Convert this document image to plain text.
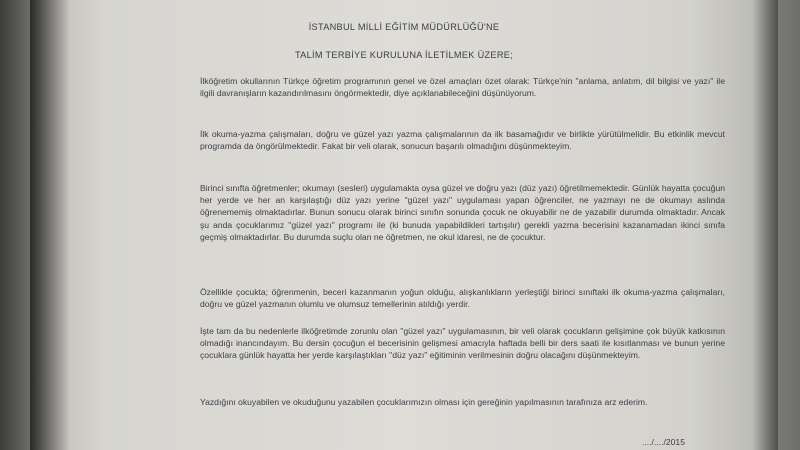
İSTANBUL MİLLİ EĞİTİM MÜDÜRLÜĞÜ'NE
TALİM TERBİYE KURULUNA İLETİLMEK ÜZERE;
İlköğretim okullarının Türkçe öğretim programının genel ve özel amaçları özet olarak: Türkçe'nin "anlama, anlatım, dil bilgisi ve yazı" ile ilgili davranışların kazandırılmasını öngörmektedir, diye açıklanabileceğini düşünüyorum.
İlk okuma-yazma çalışmaları, doğru ve güzel yazı yazma çalışmalarının da ilk basamağıdır ve birlikte yürütülmelidir. Bu etkinlik mevcut programda da öngörülmektedir. Fakat bir veli olarak, sonucun başarılı olmadığını düşünmekteyim.
Birinci sınıfta öğretmenler; okumayı (sesleri) uygulamakta oysa güzel ve doğru yazı (düz yazı) öğretilmemektedir. Günlük hayatta çocuğun her yerde ve her an karşılaştığı düz yazı yerine "güzel yazı" uygulaması yapan öğrenciler, ne yazmayı ne de okumayı aslında öğrenememiş olmaktadırlar. Bunun sonucu olarak birinci sınıfın sonunda çocuk ne okuyabilir ne de yazabilir durumda olmaktadır. Ancak şu anda çocuklarımız "güzel yazı" programı ile (ki bunuda yapabildikleri tartışılır) gerekli yazma becerisini kazanamadan ikinci sınıfa geçmiş olmaktadırlar. Bu durumda suçlu olan ne öğretmen, ne okul idaresi, ne de çocuktur.
Özellikle çocukta; öğrenmenin, beceri kazanmanın yoğun olduğu, alışkanlıkların yerleştiği birinci sınıftaki ilk okuma-yazma çalışmaları, doğru ve güzel yazmanın olumlu ve olumsuz temellerinin atıldığı yerdir.
İşte tam da bu nedenlerle ilköğretimde zorunlu olan "güzel yazı" uygulamasının, bir veli olarak çocukların gelişimine çok büyük katkısının olmadığı inancındayım. Bu dersin çocuğun el becerisinin gelişmesi amacıyla haftada belli bir ders saati ile kısıtlanması ve bunun yerine çocuklara günlük hayatta her yerde karşılaştıkları "düz yazı" eğitiminin verilmesinin doğru olacağını düşünmekteyim.
Yazdığını okuyabilen ve okuduğunu yazabilen çocuklarımızın olması için gereğinin yapılmasının tarafınıza arz ederim.
..../..../2015
